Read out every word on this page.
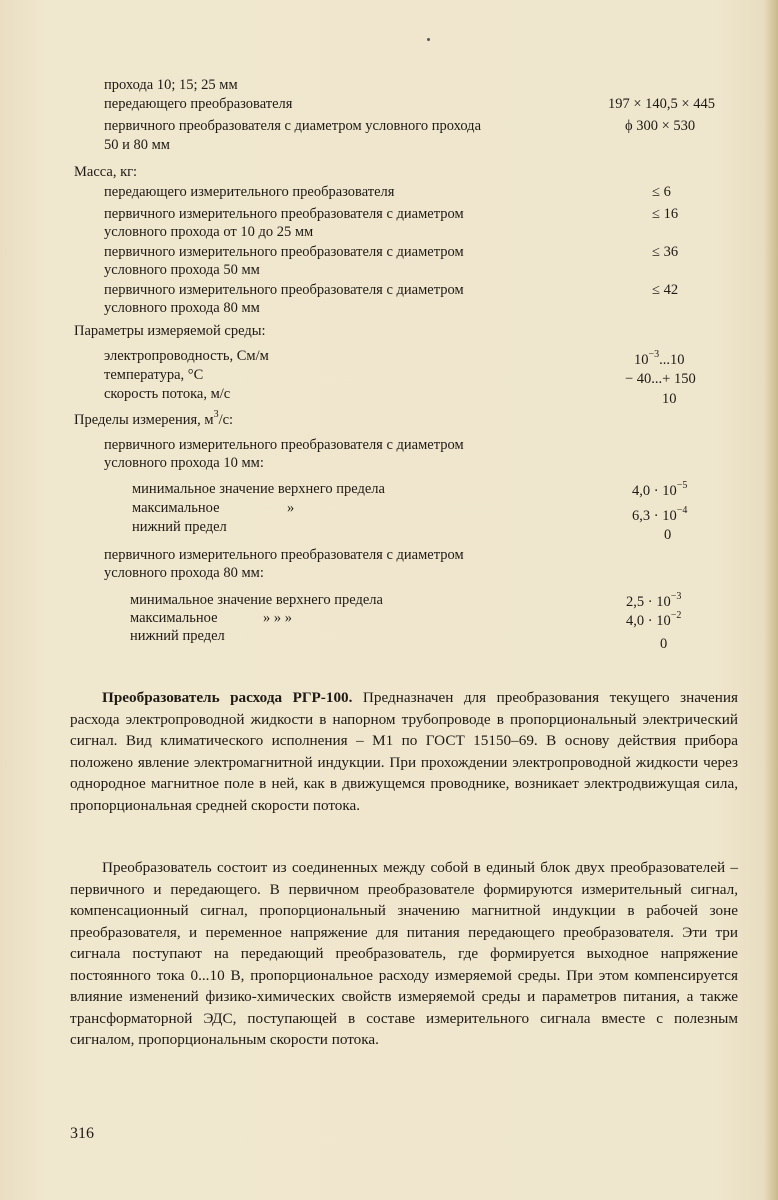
прохода 10; 15; 25 мм
передающего преобразователя	197 × 140,5 × 445
первичного преобразователя с диаметром условного прохода	ϕ 300 × 530
50 и 80 мм
Масса, кг:
передающего измерительного преобразователя	≤ 6
первичного измерительного преобразователя с диаметром	≤ 16
условного прохода от 10 до 25 мм
первичного измерительного преобразователя с диаметром	≤ 36
условного прохода 50 мм
первичного измерительного преобразователя с диаметром	≤ 42
условного прохода 80 мм
Параметры измеряемой среды:
электропроводность, См/м	$10^{-3}...10$
температура, °С	− 40...+ 150
скорость потока, м/с	10
Пределы измерения, $м^3/с$:
первичного измерительного преобразователя с диаметром
условного прохода 10 мм:
минимальное значение верхнего предела	$4,0 \cdot 10^{-5}$
максимальное	»	$6,3 \cdot 10^{-4}$
нижний предел	0
первичного измерительного преобразователя с диаметром
условного прохода 80 мм:
минимальное значение верхнего предела	$2,5 \cdot 10^{-3}$
максимальное	» » »	$4,0 \cdot 10^{-2}$
нижний предел	0

Преобразователь расхода РГР-100. Предназначен для преобразования текущего значения расхода электропроводной жидкости в напорном трубопроводе в пропорциональный электрический сигнал. Вид климатического исполнения – М1 по ГОСТ 15150–69. В основу действия прибора положено явление электромагнитной индукции. При прохождении электропроводной жидкости через однородное магнитное поле в ней, как в движущемся проводнике, возникает электродвижущая сила, пропорциональная средней скорости потока.

Преобразователь состоит из соединенных между собой в единый блок двух преобразователей – первичного и передающего. В первичном преобразователе формируются измерительный сигнал, компенсационный сигнал, пропорциональный значению магнитной индукции в рабочей зоне преобразователя, и переменное напряжение для питания передающего преобразователя. Эти три сигнала поступают на передающий преобразователь, где формируется выходное напряжение постоянного тока 0...10 В, пропорциональное расходу измеряемой среды. При этом компенсируется влияние изменений физико-химических свойств измеряемой среды и параметров питания, а также трансформаторной ЭДС, поступающей в составе измерительного сигнала вместе с полезным сигналом, пропорциональным скорости потока.

316
